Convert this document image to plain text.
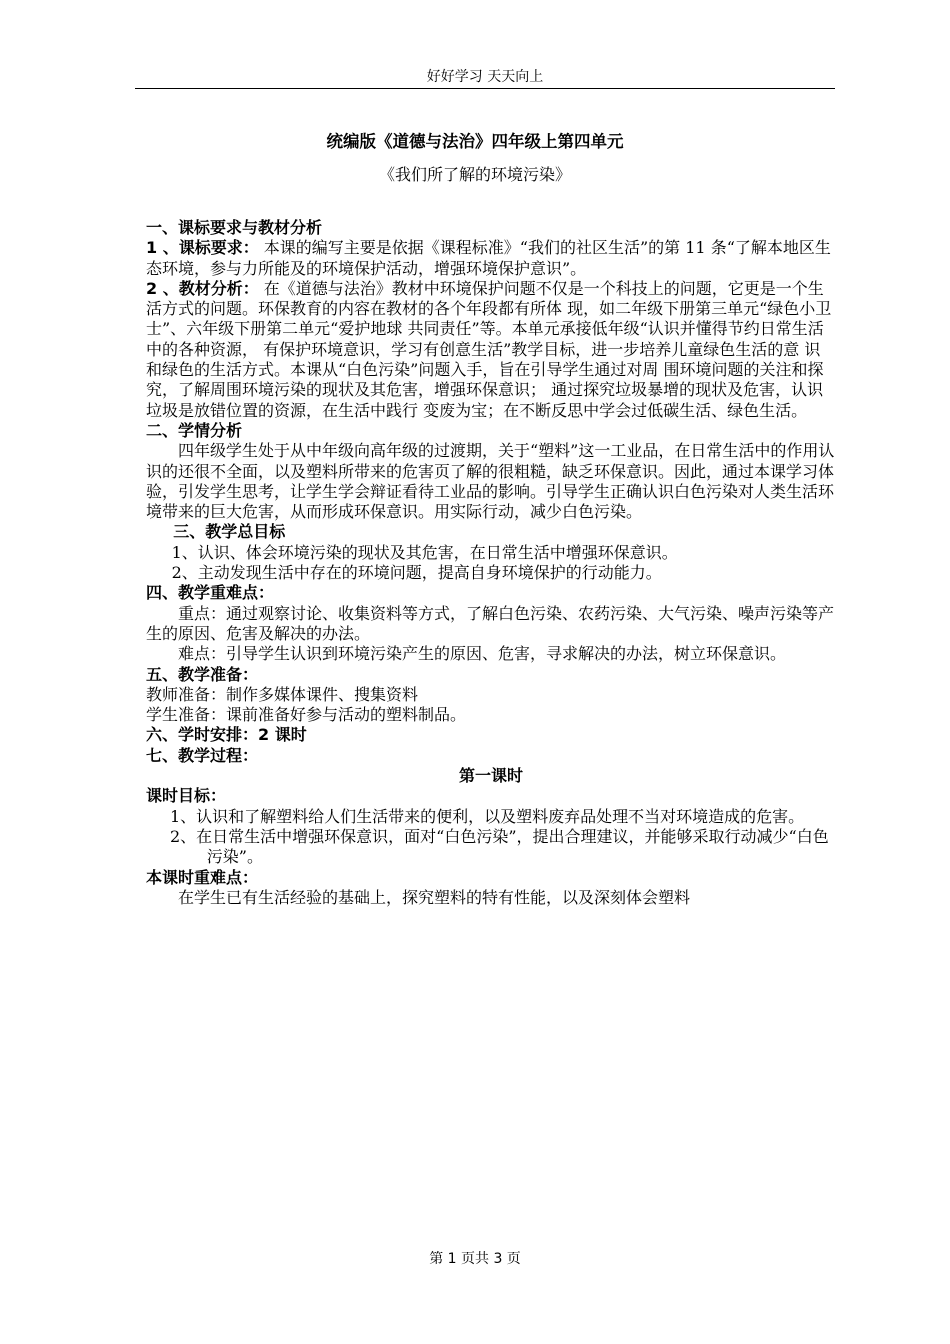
好好学习 天天向上
统编版《道德与法治》四年级上第四单元
《我们所了解的环境污染》

一、课标要求与教材分析

1 、课标要求： 本课的编写主要是依据《课程标准》“我们的社区生活”的第 11 条“了解本地区生态环境，参与力所能及的环境保护活动，增强环境保护意识”。

2 、教材分析： 在《道德与法治》教材中环境保护问题不仅是一个科技上的问题，它更是一个生活方式的问题。环保教育的内容在教材的各个年段都有所体 现，如二年级下册第三单元“绿色小卫士”、六年级下册第二单元“爱护地球 共同责任”等。本单元承接低年级“认识并懂得节约日常生活中的各种资源， 有保护环境意识，学习有创意生活”教学目标，进一步培养儿童绿色生活的意 识和绿色的生活方式。本课从“白色污染”问题入手，旨在引导学生通过对周 围环境问题的关注和探究，了解周围环境污染的现状及其危害，增强环保意识； 通过探究垃圾暴增的现状及危害，认识垃圾是放错位置的资源，在生活中践行 变废为宝；在不断反思中学会过低碳生活、绿色生活。

二、学情分析

四年级学生处于从中年级向高年级的过渡期，关于“塑料”这一工业品，在日常生活中的作用认识的还很不全面，以及塑料所带来的危害页了解的很粗糙，缺乏环保意识。因此，通过本课学习体验，引发学生思考，让学生学会辩证看待工业品的影响。引导学生正确认识白色污染对人类生活环境带来的巨大危害，从而形成环保意识。用实际行动，减少白色污染。

三、教学总目标

1、认识、体会环境污染的现状及其危害，在日常生活中增强环保意识。

2、主动发现生活中存在的环境问题，提高自身环境保护的行动能力。

四、教学重难点：

重点：通过观察讨论、收集资料等方式，了解白色污染、农药污染、大气污染、噪声污染等产生的原因、危害及解决的办法。

难点：引导学生认识到环境污染产生的原因、危害，寻求解决的办法，树立环保意识。

五、教学准备：

教师准备：制作多媒体课件、搜集资料

学生准备：课前准备好参与活动的塑料制品。

六、学时安排：2 课时

七、教学过程：

第一课时

课时目标：

1、认识和了解塑料给人们生活带来的便利，以及塑料废弃品处理不当对环境造成的危害。

2、在日常生活中增强环保意识，面对“白色污染”，提出合理建议，并能够采取行动减少“白色污染”。

本课时重难点：

在学生已有生活经验的基础上，探究塑料的特有性能，以及深刻体会塑料

第 1 页共 3 页
